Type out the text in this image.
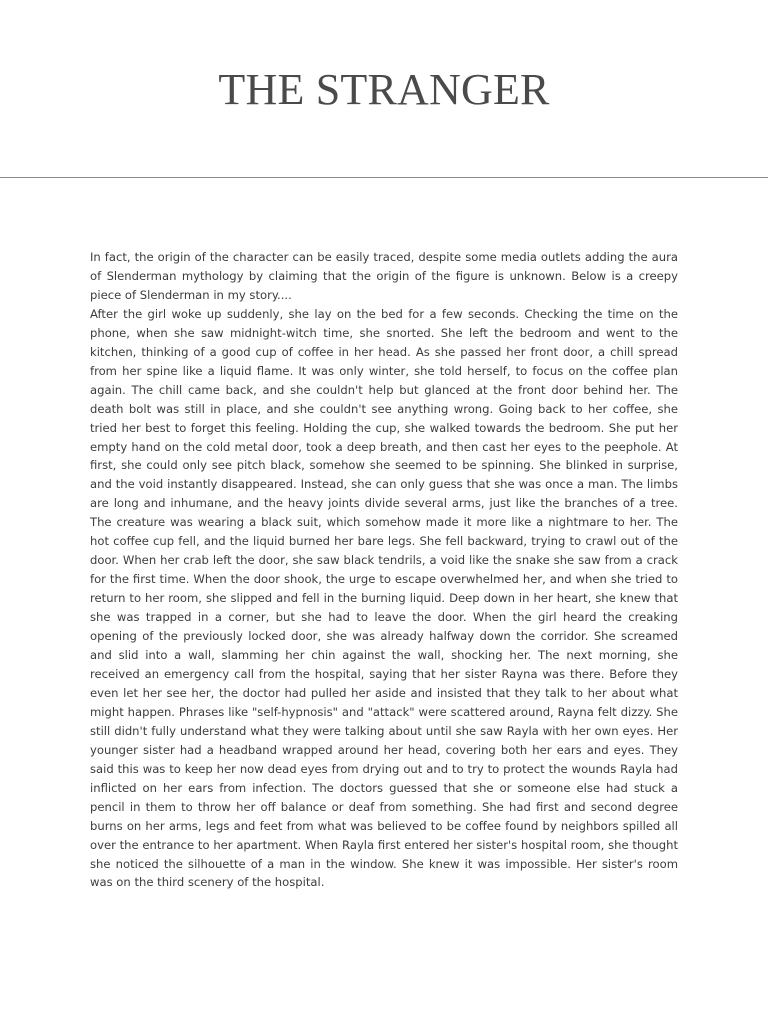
THE STRANGER

In fact, the origin of the character can be easily traced, despite some media outlets adding the aura of Slenderman mythology by claiming that the origin of the figure is unknown. Below is a creepy piece of Slenderman in my story....

After the girl woke up suddenly, she lay on the bed for a few seconds. Checking the time on the phone, when she saw midnight-witch time, she snorted. She left the bedroom and went to the kitchen, thinking of a good cup of coffee in her head. As she passed her front door, a chill spread from her spine like a liquid flame. It was only winter, she told herself, to focus on the coffee plan again. The chill came back, and she couldn't help but glanced at the front door behind her. The death bolt was still in place, and she couldn't see anything wrong. Going back to her coffee, she tried her best to forget this feeling. Holding the cup, she walked towards the bedroom. She put her empty hand on the cold metal door, took a deep breath, and then cast her eyes to the peephole. At first, she could only see pitch black, somehow she seemed to be spinning. She blinked in surprise, and the void instantly disappeared. Instead, she can only guess that she was once a man. The limbs are long and inhumane, and the heavy joints divide several arms, just like the branches of a tree. The creature was wearing a black suit, which somehow made it more like a nightmare to her. The hot coffee cup fell, and the liquid burned her bare legs. She fell backward, trying to crawl out of the door. When her crab left the door, she saw black tendrils, a void like the snake she saw from a crack for the first time. When the door shook, the urge to escape overwhelmed her, and when she tried to return to her room, she slipped and fell in the burning liquid. Deep down in her heart, she knew that she was trapped in a corner, but she had to leave the door. When the girl heard the creaking opening of the previously locked door, she was already halfway down the corridor. She screamed and slid into a wall, slamming her chin against the wall, shocking her. The next morning, she received an emergency call from the hospital, saying that her sister Rayna was there. Before they even let her see her, the doctor had pulled her aside and insisted that they talk to her about what might happen. Phrases like "self-hypnosis" and "attack" were scattered around, Rayna felt dizzy. She still didn't fully understand what they were talking about until she saw Rayla with her own eyes. Her younger sister had a headband wrapped around her head, covering both her ears and eyes. They said this was to keep her now dead eyes from drying out and to try to protect the wounds Rayla had inflicted on her ears from infection. The doctors guessed that she or someone else had stuck a pencil in them to throw her off balance or deaf from something. She had first and second degree burns on her arms, legs and feet from what was believed to be coffee found by neighbors spilled all over the entrance to her apartment. When Rayla first entered her sister's hospital room, she thought she noticed the silhouette of a man in the window. She knew it was impossible. Her sister's room was on the third scenery of the hospital.
